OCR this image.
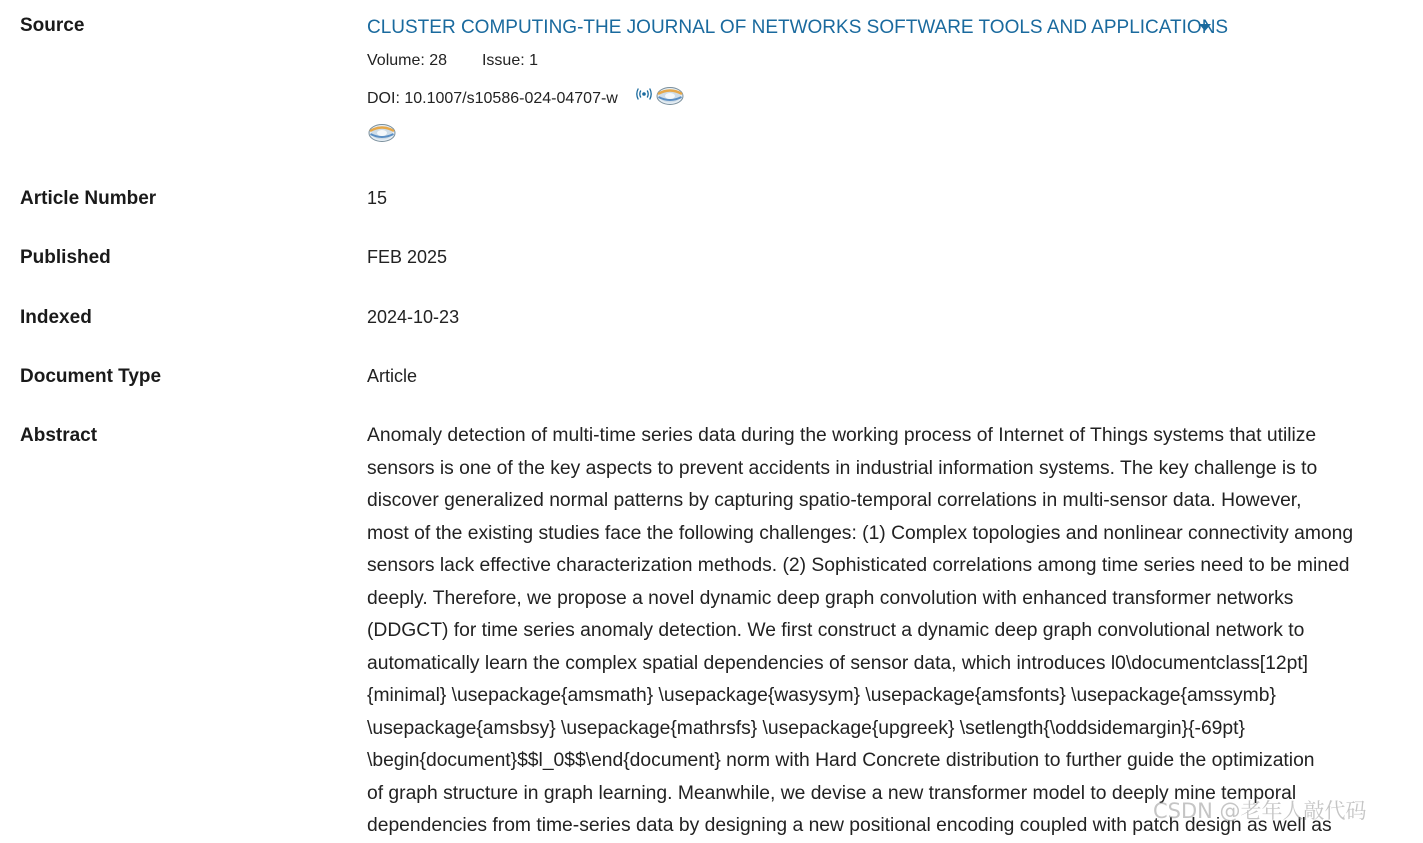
Source	CLUSTER COMPUTING-THE JOURNAL OF NETWORKS SOFTWARE TOOLS AND APPLICATIONS
Volume: 28 Issue: 1
DOI: 10.1007/s10586-024-04707-w
Article Number	15
Published	FEB 2025
Indexed	2024-10-23
Document Type	Article
Abstract	Anomaly detection of multi-time series data during the working process of Internet of Things systems that utilize
sensors is one of the key aspects to prevent accidents in industrial information systems. The key challenge is to
discover generalized normal patterns by capturing spatio-temporal correlations in multi-sensor data. However,
most of the existing studies face the following challenges: (1) Complex topologies and nonlinear connectivity among
sensors lack effective characterization methods. (2) Sophisticated correlations among time series need to be mined
deeply. Therefore, we propose a novel dynamic deep graph convolution with enhanced transformer networks
(DDGCT) for time series anomaly detection. We first construct a dynamic deep graph convolutional network to
automatically learn the complex spatial dependencies of sensor data, which introduces l0\documentclass[12pt]
{minimal} \usepackage{amsmath} \usepackage{wasysym} \usepackage{amsfonts} \usepackage{amssymb}
\usepackage{amsbsy} \usepackage{mathrsfs} \usepackage{upgreek} \setlength{\oddsidemargin}{-69pt}
\begin{document}$$l_0$$\end{document} norm with Hard Concrete distribution to further guide the optimization
of graph structure in graph learning. Meanwhile, we devise a new transformer model to deeply mine temporal
dependencies from time-series data by designing a new positional encoding coupled with patch design as well as
CSDN @老年人敲代码
